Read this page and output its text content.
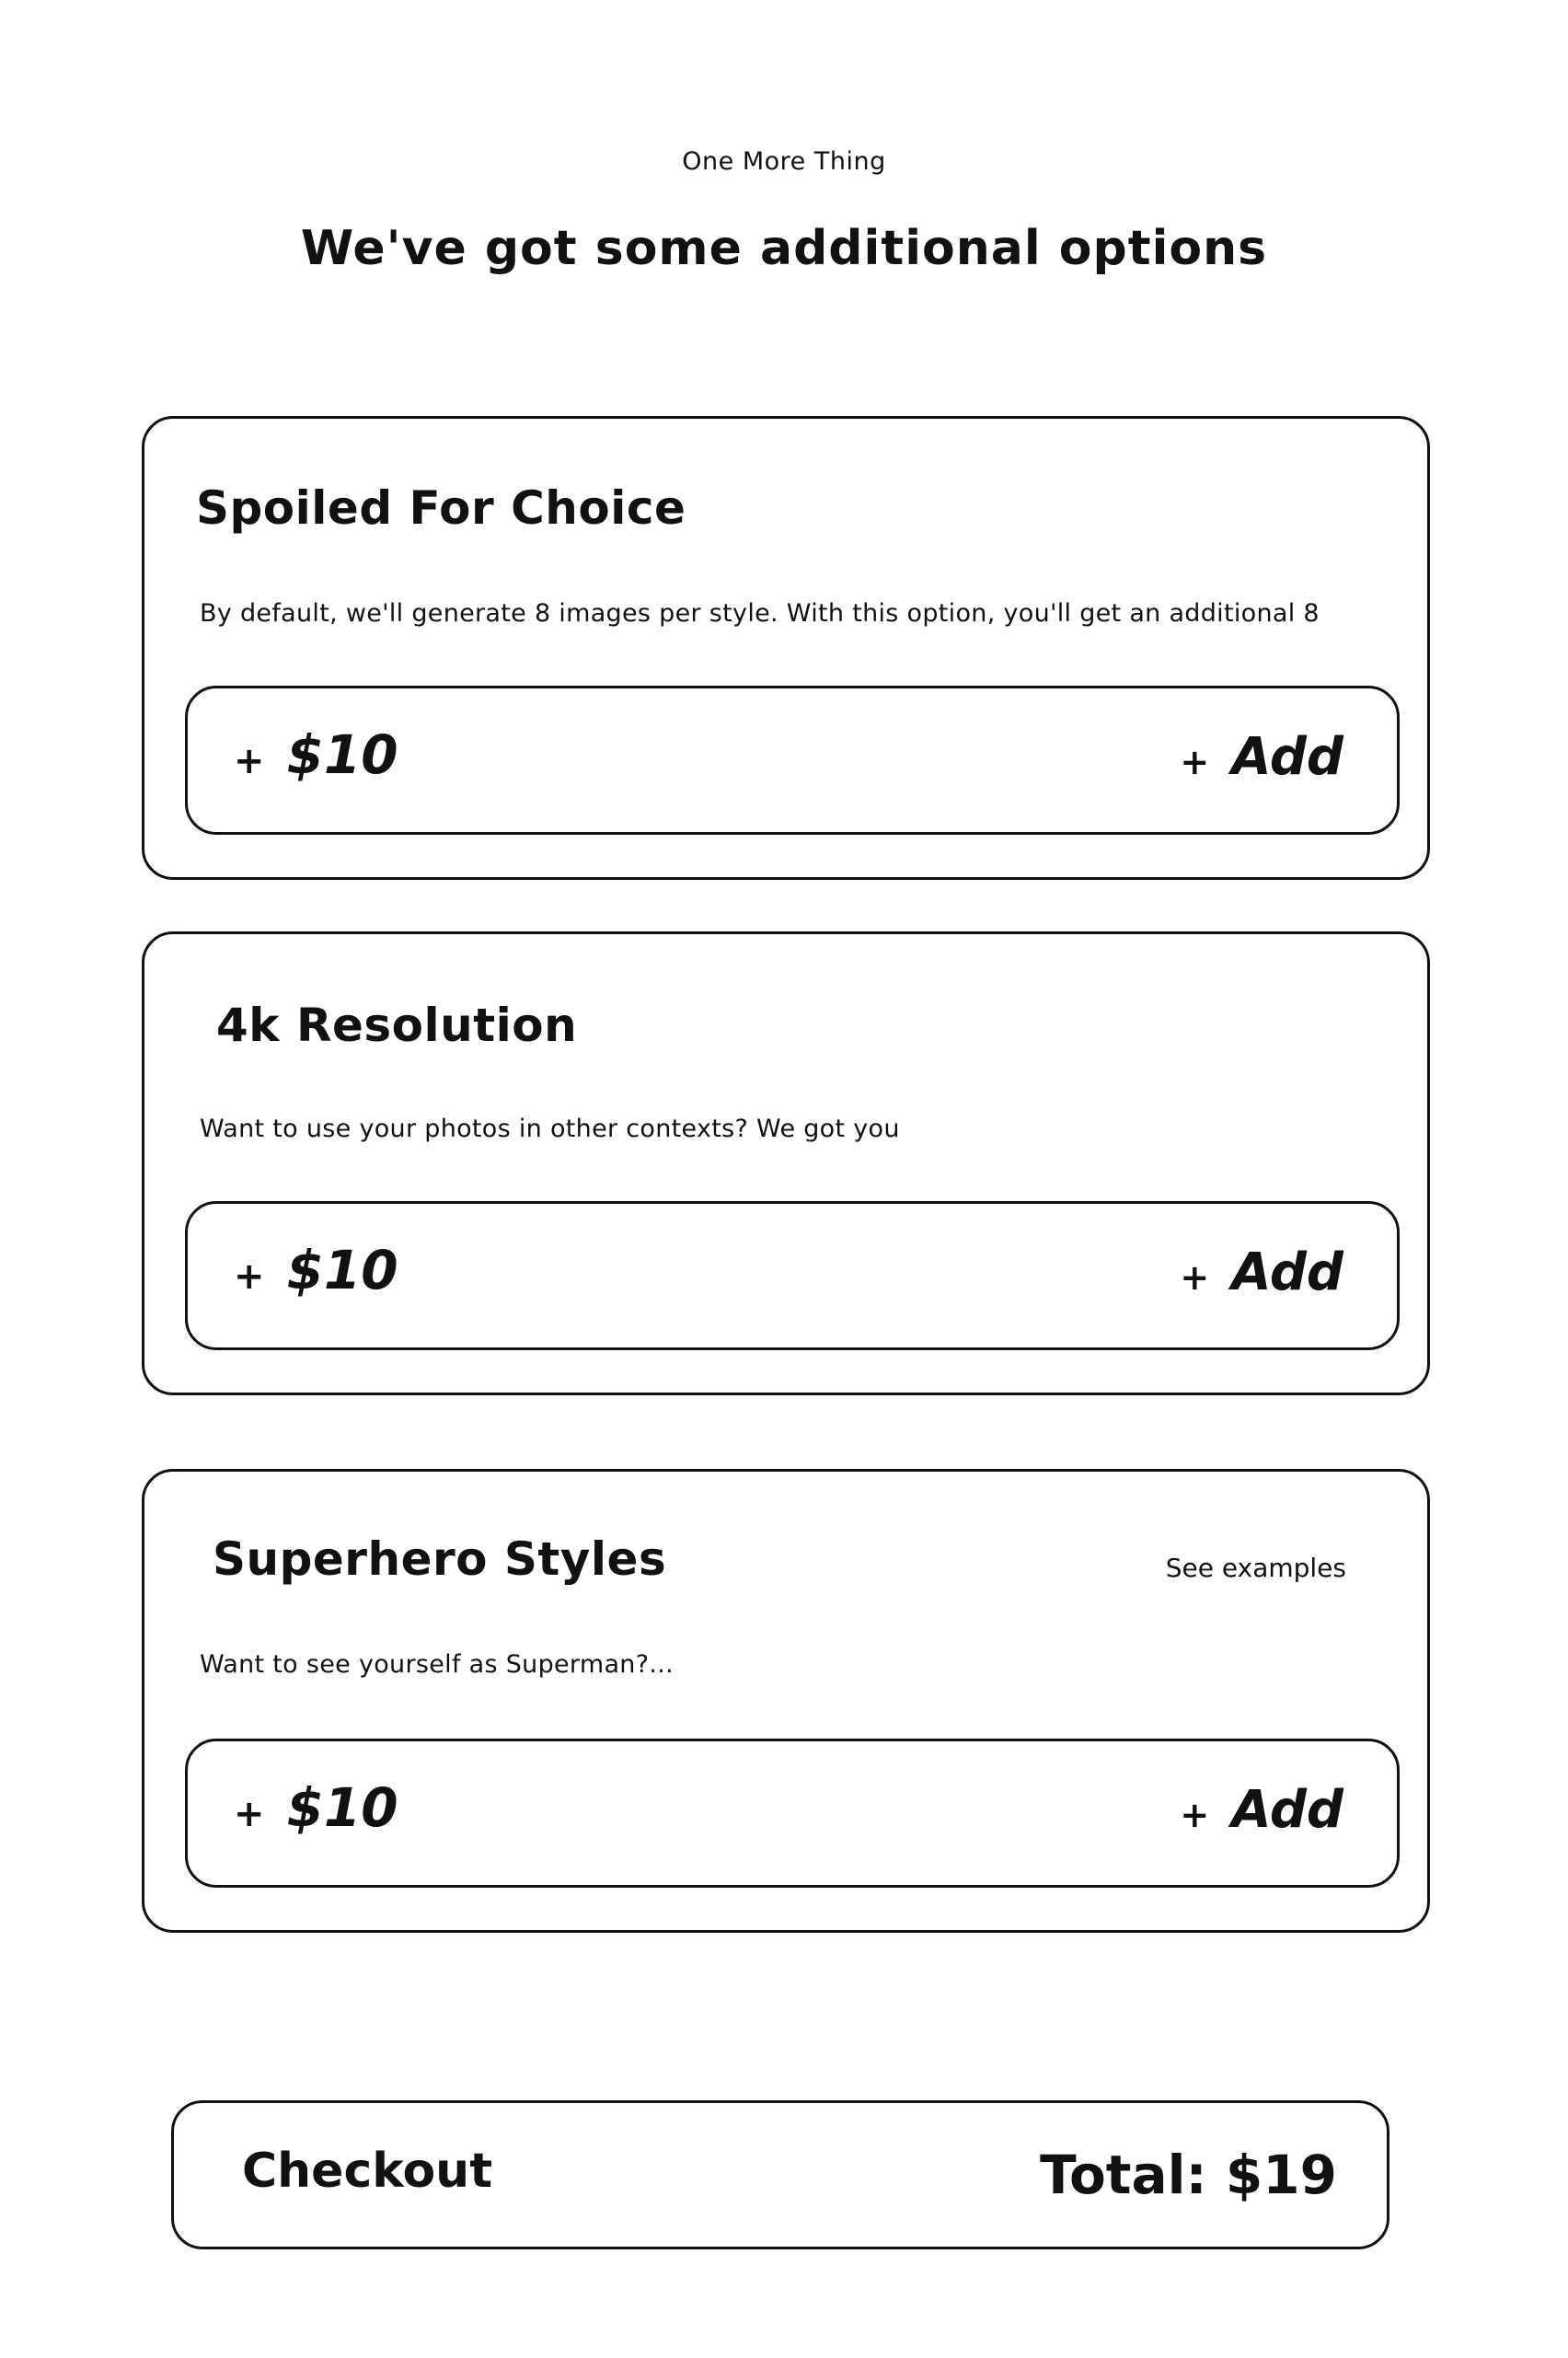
One More Thing
We've got some additional options
Spoiled For Choice
By default, we'll generate 8 images per style. With this option, you'll get an additional 8
+ $10	+ Add
4k Resolution
Want to use your photos in other contexts? We got you
+ $10	+ Add
Superhero Styles	See examples
Want to see yourself as Superman?...
+ $10	+ Add
Checkout	Total: $19
